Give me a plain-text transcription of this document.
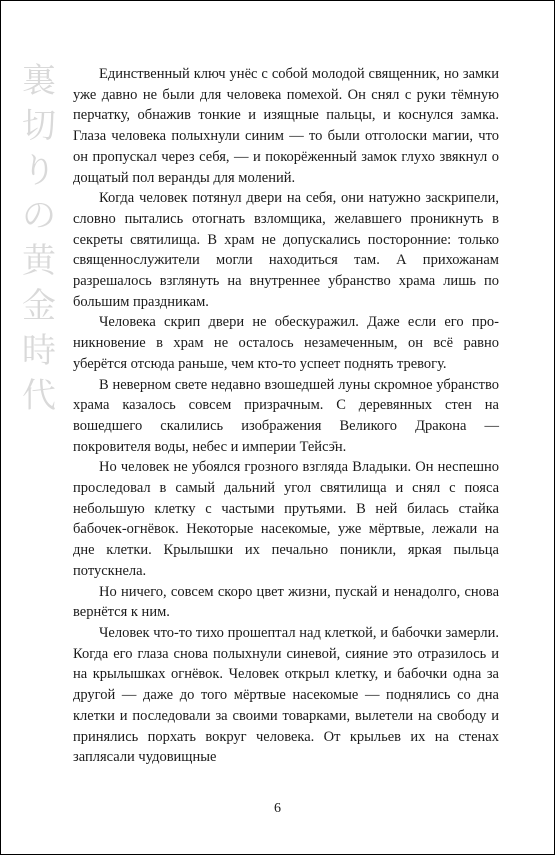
裏
切
り
の
黄
金
時
代

Единственный ключ унёс с собой молодой священник, но замки уже давно не были для человека помехой. Он снял с руки тёмную перчатку, обнажив тонкие и изящные пальцы, и коснулся замка. Глаза человека полыхнули синим — то были отголоски магии, что он пропускал через себя, — и покорёженный замок глухо звякнул о дощатый пол веранды для молений.

Когда человек потянул двери на себя, они натужно заскрипели, словно пытались отогнать взломщика, желавшего проникнуть в секреты святилища. В храм не допускались посторонние: только священнослужители могли находиться там. А прихожанам разрешалось взглянуть на внутреннее убранство храма лишь по большим праздникам.

Человека скрип двери не обескуражил. Даже если его проникновение в храм не осталось незамеченным, он всё равно уберётся отсюда раньше, чем кто-то успеет поднять тревогу.

В неверном свете недавно взошедшей луны скромное убранство храма казалось совсем призрачным. С деревянных стен на вошедшего скалились изображения Великого Дракона — покровителя воды, небес и империи Тейсэ̄н.

Но человек не убоялся грозного взгляда Владыки. Он неспешно проследовал в самый дальний угол святилища и снял с пояса небольшую клетку с частыми прутьями. В ней билась стайка бабочек-огнёвок. Некоторые насекомые, уже мёртвые, лежали на дне клетки. Крылышки их печально поникли, яркая пыльца потускнела.

Но ничего, совсем скоро цвет жизни, пускай и ненадолго, снова вернётся к ним.

Человек что-то тихо прошептал над клеткой, и бабочки замерли. Когда его глаза снова полыхнули синевой, сияние это отразилось и на крылышках огнёвок. Человек открыл клетку, и бабочки одна за другой — даже до того мёртвые насекомые — поднялись со дна клетки и последовали за своими товарками, вылетели на свободу и принялись порхать вокруг человека. От крыльев их на стенах заплясали чудовищные

6
